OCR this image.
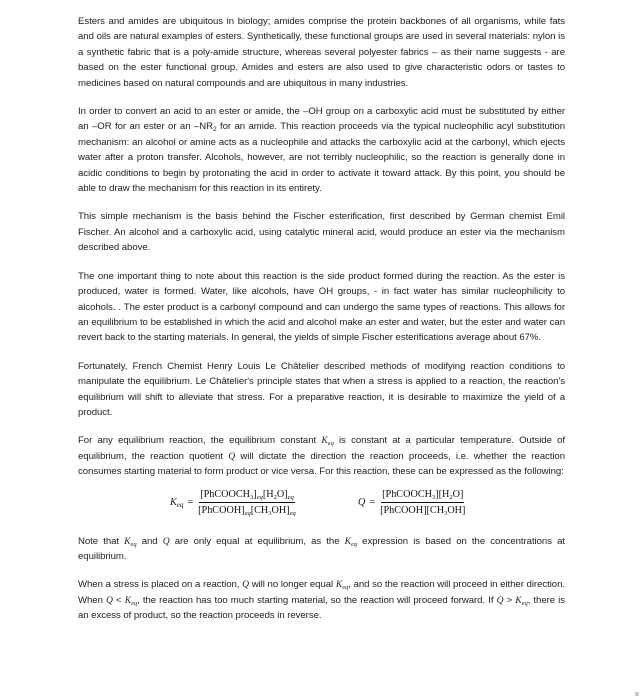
Esters and amides are ubiquitous in biology; amides comprise the protein backbones of all organisms, while fats and oils are natural examples of esters. Synthetically, these functional groups are used in several materials: nylon is a synthetic fabric that is a poly-amide structure, whereas several polyester fabrics – as their name suggests - are based on the ester functional group. Amides and esters are also used to give characteristic odors or tastes to medicines based on natural compounds and are ubiquitous in many industries.

In order to convert an acid to an ester or amide, the –OH group on a carboxylic acid must be substituted by either an –OR for an ester or an $-NR_2$ for an amide. This reaction proceeds via the typical nucleophilic acyl substitution mechanism: an alcohol or amine acts as a nucleophile and attacks the carboxylic acid at the carbonyl, which ejects water after a proton transfer. Alcohols, however, are not terribly nucleophilic, so the reaction is generally done in acidic conditions to begin by protonating the acid in order to activate it toward attack. By this point, you should be able to draw the mechanism for this reaction in its entirety.

This simple mechanism is the basis behind the Fischer esterification, first described by German chemist Emil Fischer. An alcohol and a carboxylic acid, using catalytic mineral acid, would produce an ester via the mechanism described above.

The one important thing to note about this reaction is the side product formed during the reaction. As the ester is produced, water is formed. Water, like alcohols, have OH groups, - in fact water has similar nucleophilicity to alcohols. . The ester product is a carbonyl compound and can undergo the same types of reactions. This allows for an equilibrium to be established in which the acid and alcohol make an ester and water, but the ester and water can revert back to the starting materials. In general, the yields of simple Fischer esterifications average about 67%.

Fortunately, French Chemist Henry Louis Le Châtelier described methods of modifying reaction conditions to manipulate the equilibrium. Le Châtelier's principle states that when a stress is applied to a reaction, the reaction's equilibrium will shift to alleviate that stress. For a preparative reaction, it is desirable to maximize the yield of a product.

For any equilibrium reaction, the equilibrium constant $K_{eq}$ is constant at a particular temperature. Outside of equilibrium, the reaction quotient Q will dictate the direction the reaction proceeds, i.e. whether the reaction consumes starting material to form product or vice versa. For this reaction, these can be expressed as the following:

$K_{eq} = \frac{[PhCOOCH_3]_{eq}[H_2O]_{eq}}{[PhCOOH]_{eq}[CH_3OH]_{eq}}$	$Q = \frac{[PhCOOCH_3][H_2O]}{[PhCOOH][CH_3OH]}$

Note that $K_{eq}$ and Q are only equal at equilibrium, as the $K_{eq}$ expression is based on the concentrations at equilibrium.

When a stress is placed on a reaction, Q will no longer equal $K_{eq}$, and so the reaction will proceed in either direction. When $Q < K_{eq}$, the reaction has too much starting material, so the reaction will proceed forward. If $Q > K_{eq}$, there is an excess of product, so the reaction proceeds in reverse.
